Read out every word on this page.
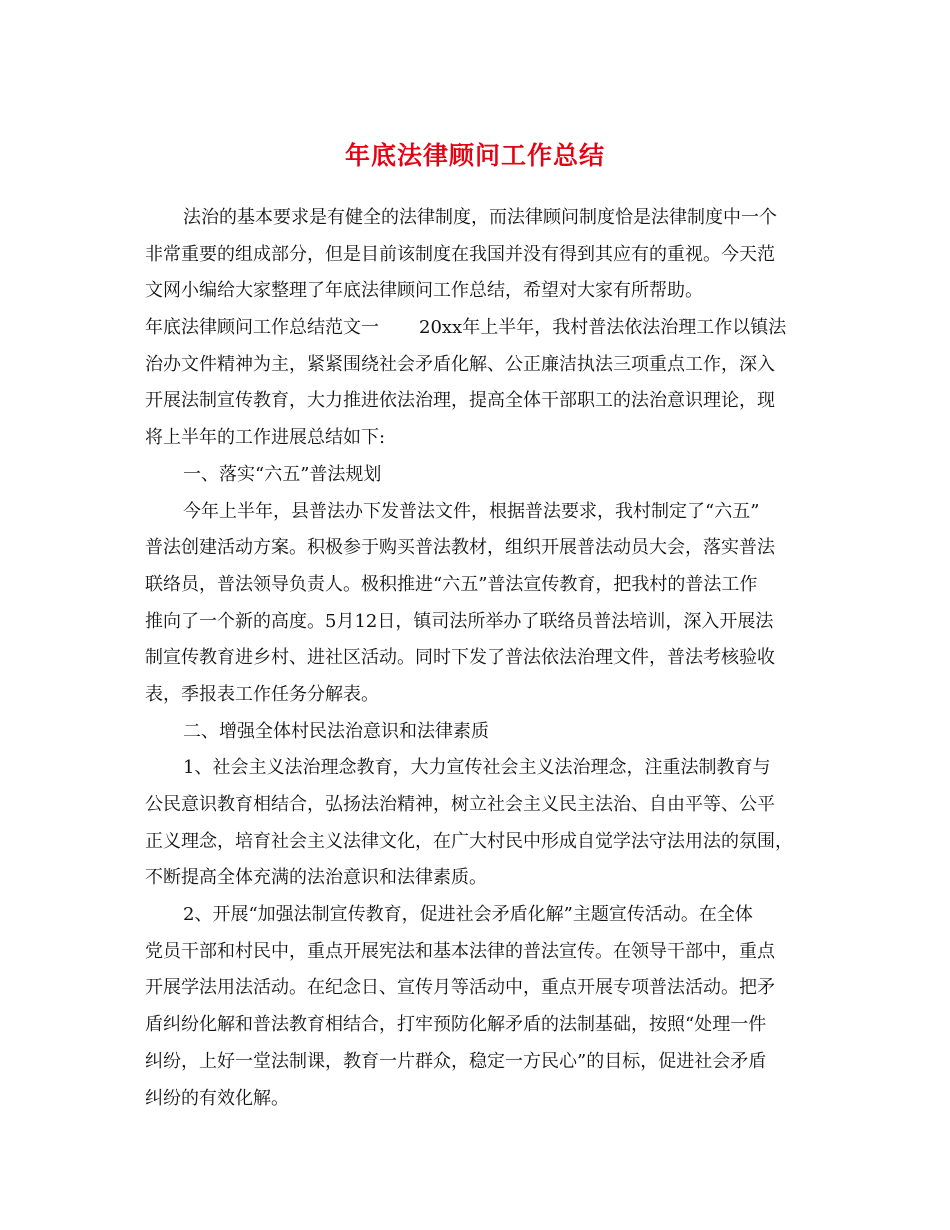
年底法律顾问工作总结
法治的基本要求是有健全的法律制度，而法律顾问制度恰是法律制度中一个
非常重要的组成部分，但是目前该制度在我国并没有得到其应有的重视。今天范
文网小编给大家整理了年底法律顾问工作总结，希望对大家有所帮助。
年底法律顾问工作总结范文一 20xx年上半年，我村普法依法治理工作以镇法
治办文件精神为主，紧紧围绕社会矛盾化解、公正廉洁执法三项重点工作，深入
开展法制宣传教育，大力推进依法治理，提高全体干部职工的法治意识理论，现
将上半年的工作进展总结如下:
一、落实“六五”普法规划
今年上半年，县普法办下发普法文件，根据普法要求，我村制定了“六五”
普法创建活动方案。积极参于购买普法教材，组织开展普法动员大会，落实普法
联络员，普法领导负责人。极积推进“六五”普法宣传教育，把我村的普法工作
推向了一个新的高度。5月12日，镇司法所举办了联络员普法培训，深入开展法
制宣传教育进乡村、进社区活动。同时下发了普法依法治理文件，普法考核验收
表，季报表工作任务分解表。
二、增强全体村民法治意识和法律素质
1、社会主义法治理念教育，大力宣传社会主义法治理念，注重法制教育与
公民意识教育相结合，弘扬法治精神，树立社会主义民主法治、自由平等、公平
正义理念，培育社会主义法律文化，在广大村民中形成自觉学法守法用法的氛围，
不断提高全体充满的法治意识和法律素质。
2、开展“加强法制宣传教育，促进社会矛盾化解”主题宣传活动。在全体
党员干部和村民中，重点开展宪法和基本法律的普法宣传。在领导干部中，重点
开展学法用法活动。在纪念日、宣传月等活动中，重点开展专项普法活动。把矛
盾纠纷化解和普法教育相结合，打牢预防化解矛盾的法制基础，按照“处理一件
纠纷，上好一堂法制课，教育一片群众，稳定一方民心”的目标，促进社会矛盾
纠纷的有效化解。
